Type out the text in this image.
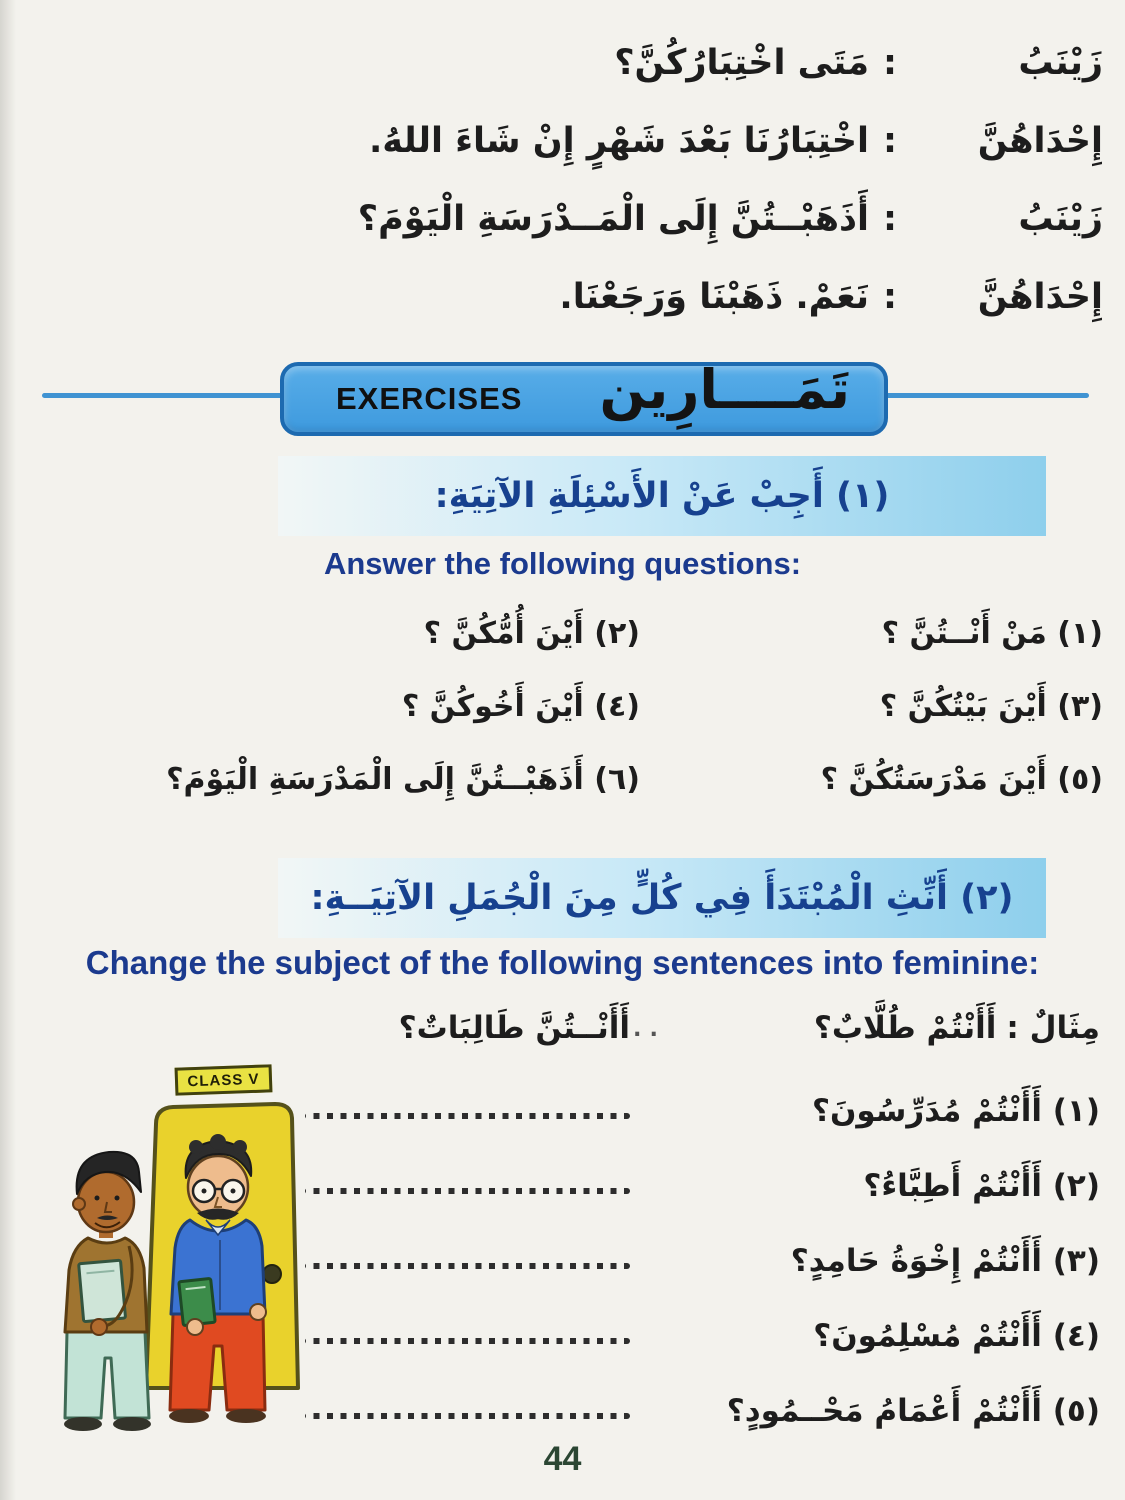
زَيْنَبُ
:
مَتَى اخْتِبَارُكُنَّ؟
إِحْدَاهُنَّ
:
اخْتِبَارُنَا بَعْدَ شَهْرٍ إِنْ شَاءَ اللهُ.
زَيْنَبُ
:
أَذَهَبْــتُنَّ إِلَى الْمَــدْرَسَةِ الْيَوْمَ؟
إِحْدَاهُنَّ
:
نَعَمْ. ذَهَبْنَا وَرَجَعْنَا.
EXERCISES تَمَــــارِين
(١) أَجِبْ عَنْ الأَسْئِلَةِ الآتِيَةِ:
Answer the following questions:
(١) مَنْ أَنْــتُنَّ ؟
(٢) أَيْنَ أُمُّكُنَّ ؟
(٣) أَيْنَ بَيْتُكُنَّ ؟
(٤) أَيْنَ أَخُوكُنَّ ؟
(٥) أَيْنَ مَدْرَسَتُكُنَّ ؟
(٦) أَذَهَبْــتُنَّ إِلَى الْمَدْرَسَةِ الْيَوْمَ؟
(٢) أَنِّثِ الْمُبْتَدَأَ فِي كُلٍّ مِنَ الْجُمَلِ الآتِيَــةِ:
Change the subject of the following sentences into feminine:
مِثَالٌ :
أَأَنْتُمْ طُلَّابٌ؟
..
أَأَنْــتُنَّ طَالِبَاتٌ؟
(١) أَأَنْتُمْ مُدَرِّسُونَ؟
(٢) أَأَنْتُمْ أَطِبَّاءُ؟
(٣) أَأَنْتُمْ إِخْوَةُ حَامِدٍ؟
(٤) أَأَنْتُمْ مُسْلِمُونَ؟
(٥) أَأَنْتُمْ أَعْمَامُ مَحْــمُودٍ؟
CLASS V
44
